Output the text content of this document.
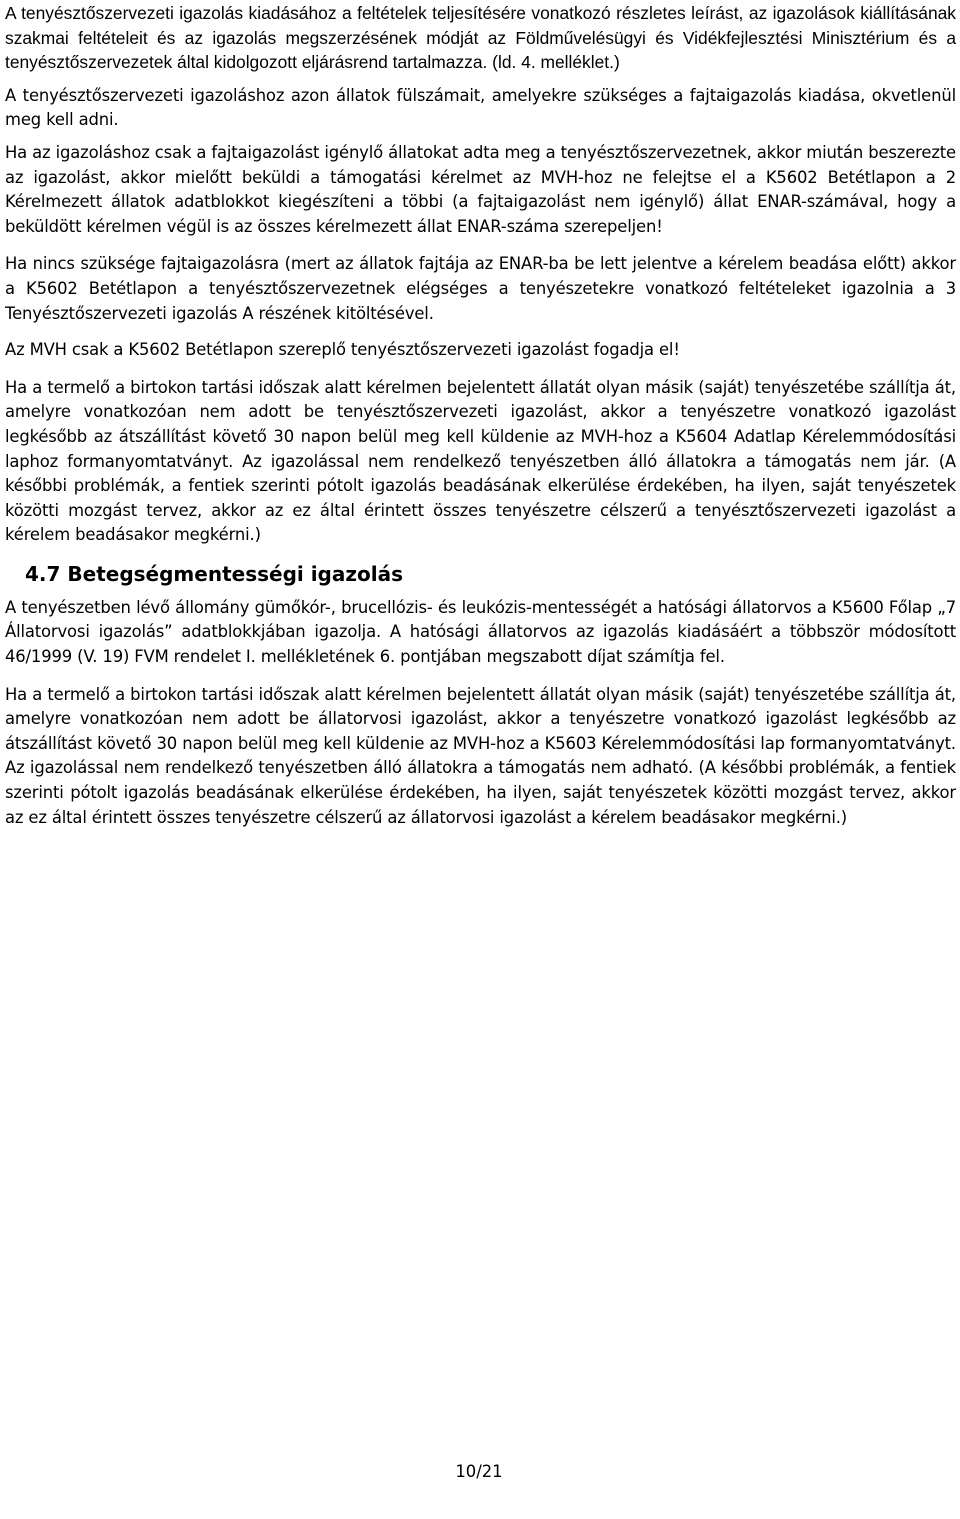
A tenyésztőszervezeti igazolás kiadásához a feltételek teljesítésére vonatkozó részletes leírást, az igazolások kiállításának szakmai feltételeit és az igazolás megszerzésének módját az Földművelésügyi és Vidékfejlesztési Minisztérium és a tenyésztőszervezetek által kidolgozott eljárásrend tartalmazza. (ld. 4. melléklet.)

A tenyésztőszervezeti igazoláshoz azon állatok fülszámait, amelyekre szükséges a fajtaigazolás kiadása, okvetlenül meg kell adni.

Ha az igazoláshoz csak a fajtaigazolást igénylő állatokat adta meg a tenyésztőszervezetnek, akkor miután beszerezte az igazolást, akkor mielőtt beküldi a támogatási kérelmet az MVH-hoz ne felejtse el a K5602 Betétlapon a 2 Kérelmezett állatok adatblokkot kiegészíteni a többi (a fajtaigazolást nem igénylő) állat ENAR-számával, hogy a beküldött kérelmen végül is az összes kérelmezett állat ENAR-száma szerepeljen!

Ha nincs szüksége fajtaigazolásra (mert az állatok fajtája az ENAR-ba be lett jelentve a kérelem beadása előtt) akkor a K5602 Betétlapon a tenyésztőszervezetnek elégséges a tenyészetekre vonatkozó feltételeket igazolnia a 3 Tenyésztőszervezeti igazolás A részének kitöltésével.

Az MVH csak a K5602 Betétlapon szereplő tenyésztőszervezeti igazolást fogadja el!

Ha a termelő a birtokon tartási időszak alatt kérelmen bejelentett állatát olyan másik (saját) tenyészetébe szállítja át, amelyre vonatkozóan nem adott be tenyésztőszervezeti igazolást, akkor a tenyészetre vonatkozó igazolást legkésőbb az átszállítást követő 30 napon belül meg kell küldenie az MVH-hoz a K5604 Adatlap Kérelemmódosítási laphoz formanyomtatványt. Az igazolással nem rendelkező tenyészetben álló állatokra a támogatás nem jár. (A későbbi problémák, a fentiek szerinti pótolt igazolás beadásának elkerülése érdekében, ha ilyen, saját tenyészetek közötti mozgást tervez, akkor az ez által érintett összes tenyészetre célszerű a tenyésztőszervezeti igazolást a kérelem beadásakor megkérni.)

4.7 Betegségmentességi igazolás

A tenyészetben lévő állomány gümőkór-, brucellózis- és leukózis-mentességét a hatósági állatorvos a K5600 Főlap „7 Állatorvosi igazolás” adatblokkjában igazolja. A hatósági állatorvos az igazolás kiadásáért a többször módosított 46/1999 (V. 19) FVM rendelet I. mellékletének 6. pontjában megszabott díjat számítja fel.

Ha a termelő a birtokon tartási időszak alatt kérelmen bejelentett állatát olyan másik (saját) tenyészetébe szállítja át, amelyre vonatkozóan nem adott be állatorvosi igazolást, akkor a tenyészetre vonatkozó igazolást legkésőbb az átszállítást követő 30 napon belül meg kell küldenie az MVH-hoz a K5603 Kérelemmódosítási lap formanyomtatványt. Az igazolással nem rendelkező tenyészetben álló állatokra a támogatás nem adható. (A későbbi problémák, a fentiek szerinti pótolt igazolás beadásának elkerülése érdekében, ha ilyen, saját tenyészetek közötti mozgást tervez, akkor az ez által érintett összes tenyészetre célszerű az állatorvosi igazolást a kérelem beadásakor megkérni.)

10/21
